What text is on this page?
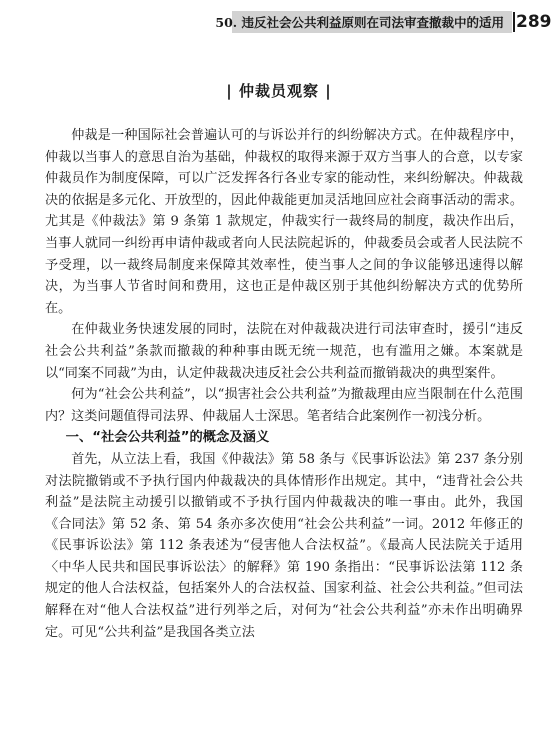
50. 违反社会公共利益原则在司法审查撤裁中的适用 289
| 仲裁员观察 |

仲裁是一种国际社会普遍认可的与诉讼并行的纠纷解决方式。在仲裁程序中，仲裁以当事人的意思自治为基础，仲裁权的取得来源于双方当事人的合意，以专家仲裁员作为制度保障，可以广泛发挥各行各业专家的能动性，来纠纷解决。仲裁裁决的依据是多元化、开放型的，因此仲裁能更加灵活地回应社会商事活动的需求。尤其是《仲裁法》第 9 条第 1 款规定，仲裁实行一裁终局的制度，裁决作出后，当事人就同一纠纷再申请仲裁或者向人民法院起诉的，仲裁委员会或者人民法院不予受理，以一裁终局制度来保障其效率性，使当事人之间的争议能够迅速得以解决，为当事人节省时间和费用，这也正是仲裁区别于其他纠纷解决方式的优势所在。

在仲裁业务快速发展的同时，法院在对仲裁裁决进行司法审查时，援引“违反社会公共利益”条款而撤裁的种种事由既无统一规范，也有滥用之嫌。本案就是以“同案不同裁”为由，认定仲裁裁决违反社会公共利益而撤销裁决的典型案件。

何为“社会公共利益”，以“损害社会公共利益”为撤裁理由应当限制在什么范围内？这类问题值得司法界、仲裁届人士深思。笔者结合此案例作一初浅分析。

一、“社会公共利益”的概念及涵义

首先，从立法上看，我国《仲裁法》第 58 条与《民事诉讼法》第 237 条分别对法院撤销或不予执行国内仲裁裁决的具体情形作出规定。其中，“违背社会公共利益”是法院主动援引以撤销或不予执行国内仲裁裁决的唯一事由。此外，我国《合同法》第 52 条、第 54 条亦多次使用“社会公共利益”一词。2012 年修正的《民事诉讼法》第 112 条表述为“侵害他人合法权益”。《最高人民法院关于适用〈中华人民共和国民事诉讼法〉的解释》第 190 条指出：“民事诉讼法第 112 条规定的他人合法权益，包括案外人的合法权益、国家利益、社会公共利益。”但司法解释在对“他人合法权益”进行列举之后，对何为“社会公共利益”亦未作出明确界定。可见“公共利益”是我国各类立法
